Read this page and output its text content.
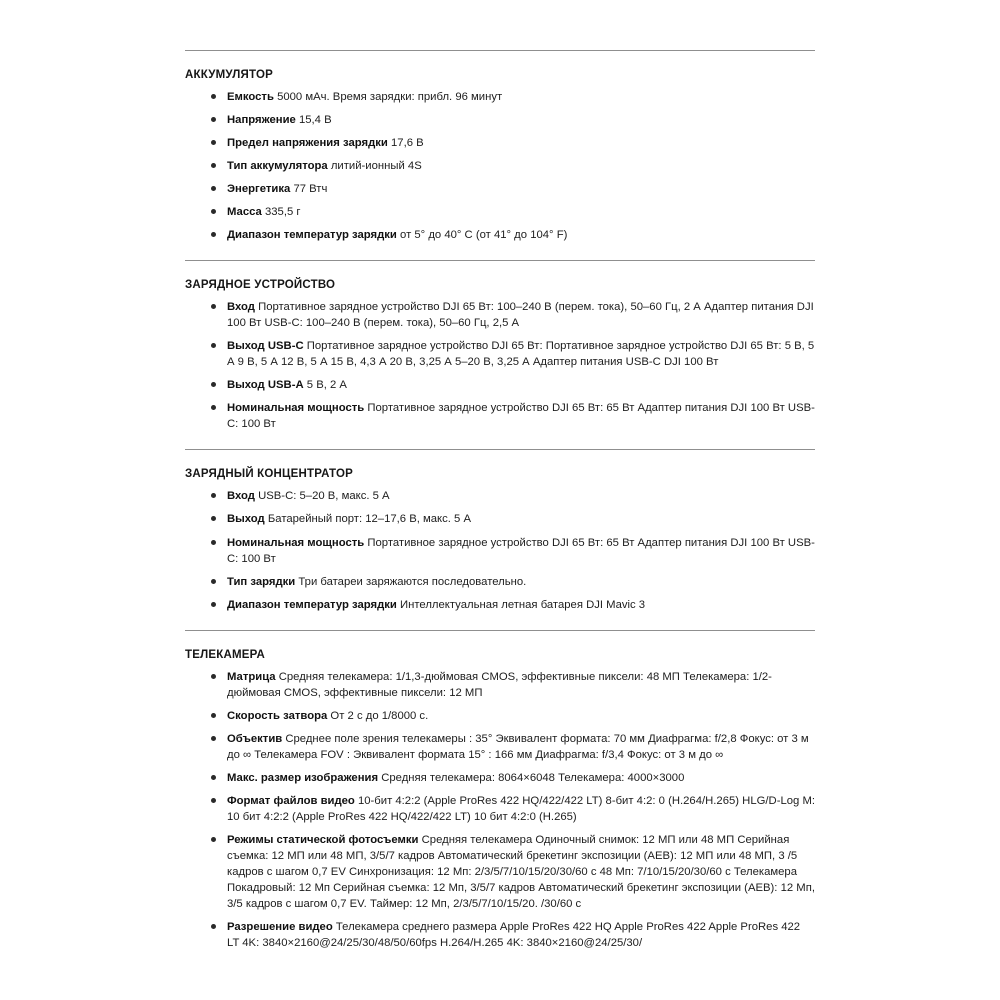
АККУМУЛЯТОР
Емкость 5000 мАч. Время зарядки: прибл. 96 минут
Напряжение 15,4 В
Предел напряжения зарядки 17,6 В
Тип аккумулятора литий-ионный 4S
Энергетика 77 Втч
Масса 335,5 г
Диапазон температур зарядки от 5° до 40° C (от 41° до 104° F)
ЗАРЯДНОЕ УСТРОЙСТВО
Вход Портативное зарядное устройство DJI 65 Вт: 100–240 В (перем. тока), 50–60 Гц, 2 А Адаптер питания DJI 100 Вт USB-C: 100–240 В (перем. тока), 50–60 Гц, 2,5 А
Выход USB-C Портативное зарядное устройство DJI 65 Вт: Портативное зарядное устройство DJI 65 Вт: 5 В, 5 А 9 В, 5 А 12 В, 5 А 15 В, 4,3 А 20 В, 3,25 А 5–20 В, 3,25 А Адаптер питания USB-C DJI 100 Вт
Выход USB-A 5 В, 2 А
Номинальная мощность Портативное зарядное устройство DJI 65 Вт: 65 Вт Адаптер питания DJI 100 Вт USB-C: 100 Вт
ЗАРЯДНЫЙ КОНЦЕНТРАТОР
Вход USB-C: 5–20 В, макс. 5 А
Выход Батарейный порт: 12–17,6 В, макс. 5 А
Номинальная мощность Портативное зарядное устройство DJI 65 Вт: 65 Вт Адаптер питания DJI 100 Вт USB-C: 100 Вт
Тип зарядки Три батареи заряжаются последовательно.
Диапазон температур зарядки Интеллектуальная летная батарея DJI Mavic 3
ТЕЛЕКАМЕРА
Матрица Средняя телекамера: 1/1,3-дюймовая CMOS, эффективные пиксели: 48 МП Телекамера: 1/2-дюймовая CMOS, эффективные пиксели: 12 МП
Скорость затвора От 2 с до 1/8000 с.
Объектив Среднее поле зрения телекамеры : 35° Эквивалент формата: 70 мм Диафрагма: f/2,8 Фокус: от 3 м до ∞ Телекамера FOV : Эквивалент формата 15° : 166 мм Диафрагма: f/3,4 Фокус: от 3 м до ∞
Макс. размер изображения Средняя телекамера: 8064×6048 Телекамера: 4000×3000
Формат файлов видео 10-бит 4:2:2 (Apple ProRes 422 HQ/422/422 LT) 8-бит 4:2: 0 (H.264/H.265) HLG/D-Log M: 10 бит 4:2:2 (Apple ProRes 422 HQ/422/422 LT) 10 бит 4:2:0 (H.265)
Режимы статической фотосъемки Средняя телекамера Одиночный снимок: 12 МП или 48 МП Серийная съемка: 12 МП или 48 МП, 3/5/7 кадров Автоматический брекетинг экспозиции (AEB): 12 МП или 48 МП, 3 /5 кадров с шагом 0,7 EV Синхронизация: 12 Mп: 2/3/5/7/10/15/20/30/60 с 48 Mп: 7/10/15/20/30/60 с Телекамера Покадровый: 12 Mп Серийная съемка: 12 Mп, 3/5/7 кадров Автоматический брекетинг экспозиции (AEB): 12 Mп, 3/5 кадров с шагом 0,7 EV. Таймер: 12 Mп, 2/3/5/7/10/15/20. /30/60 с
Разрешение видео Телекамера среднего размера Apple ProRes 422 HQ Apple ProRes 422 Apple ProRes 422 LT 4K: 3840×2160@24/25/30/48/50/60fps H.264/H.265 4K: 3840×2160@24/25/30/
